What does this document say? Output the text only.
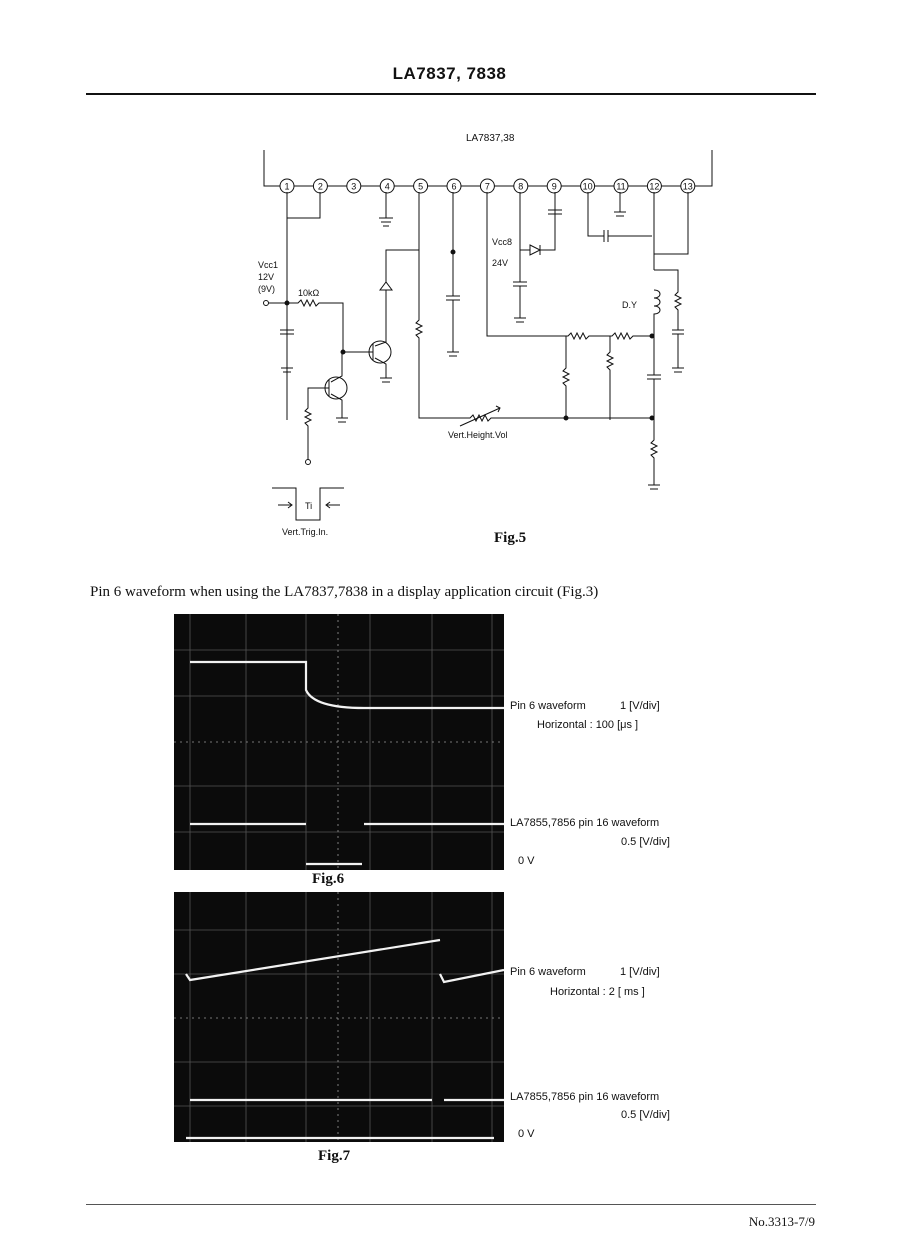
LA7837, 7838
1	2	3	4	5	6	7	8	9	10	11	12	13
LA7837,38
Vcc1
12V
(9V)	10kΩ
Vcc8
24V
D.Y
Vert.Height.Vol
Ti
Vert.Trig.In.	Fig.5
Pin 6 waveform when using the LA7837,7838 in a display application circuit (Fig.3)
Fig.6
Pin 6 waveform	1 [V/div]
Horizontal : 100 [μs ]
LA7855,7856 pin 16 waveform
0.5 [V/div]
0 V
Fig.7
Pin 6 waveform	1 [V/div]
Horizontal : 2 [ ms ]
LA7855,7856 pin 16 waveform
0.5 [V/div]
0 V
No.3313-7/9
